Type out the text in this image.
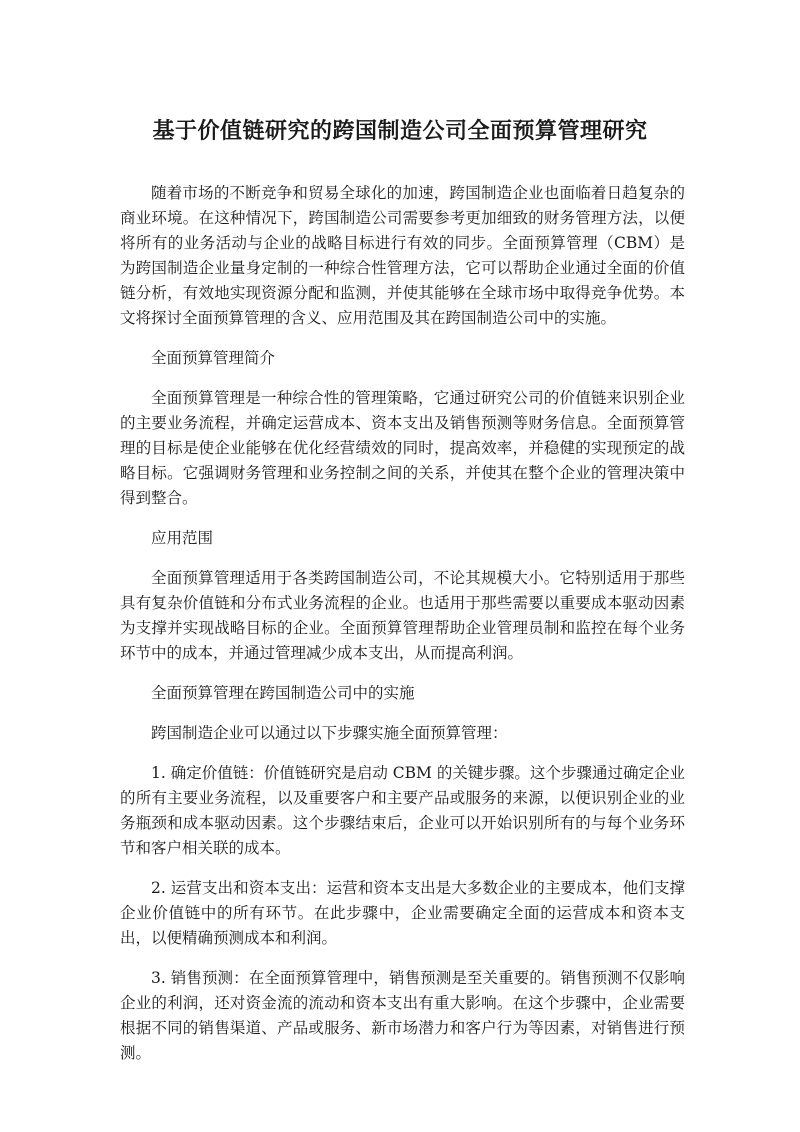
基于价值链研究的跨国制造公司全面预算管理研究

随着市场的不断竞争和贸易全球化的加速，跨国制造企业也面临着日趋复杂的商业环境。在这种情况下，跨国制造公司需要参考更加细致的财务管理方法，以便将所有的业务活动与企业的战略目标进行有效的同步。全面预算管理（CBM）是为跨国制造企业量身定制的一种综合性管理方法，它可以帮助企业通过全面的价值链分析，有效地实现资源分配和监测，并使其能够在全球市场中取得竞争优势。本文将探讨全面预算管理的含义、应用范围及其在跨国制造公司中的实施。

全面预算管理简介

全面预算管理是一种综合性的管理策略，它通过研究公司的价值链来识别企业的主要业务流程，并确定运营成本、资本支出及销售预测等财务信息。全面预算管理的目标是使企业能够在优化经营绩效的同时，提高效率，并稳健的实现预定的战略目标。它强调财务管理和业务控制之间的关系，并使其在整个企业的管理决策中得到整合。

应用范围

全面预算管理适用于各类跨国制造公司，不论其规模大小。它特别适用于那些具有复杂价值链和分布式业务流程的企业。也适用于那些需要以重要成本驱动因素为支撑并实现战略目标的企业。全面预算管理帮助企业管理员制和监控在每个业务环节中的成本，并通过管理减少成本支出，从而提高利润。

全面预算管理在跨国制造公司中的实施

跨国制造企业可以通过以下步骤实施全面预算管理：

1. 确定价值链：价值链研究是启动 CBM 的关键步骤。这个步骤通过确定企业的所有主要业务流程，以及重要客户和主要产品或服务的来源，以便识别企业的业务瓶颈和成本驱动因素。这个步骤结束后，企业可以开始识别所有的与每个业务环节和客户相关联的成本。

2. 运营支出和资本支出：运营和资本支出是大多数企业的主要成本，他们支撑企业价值链中的所有环节。在此步骤中，企业需要确定全面的运营成本和资本支出，以便精确预测成本和利润。

3. 销售预测：在全面预算管理中，销售预测是至关重要的。销售预测不仅影响企业的利润，还对资金流的流动和资本支出有重大影响。在这个步骤中，企业需要根据不同的销售渠道、产品或服务、新市场潜力和客户行为等因素，对销售进行预测。
